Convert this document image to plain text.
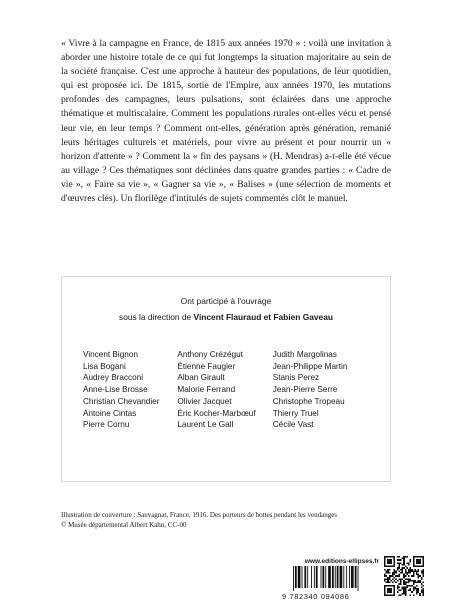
« Vivre à la campagne en France, de 1815 aux années 1970 » : voilà une invitation à aborder une histoire totale de ce qui fut longtemps la situation majoritaire au sein de la société française. C'est une approche à hauteur des populations, de leur quotidien, qui est proposée ici. De 1815, sortie de l'Empire, aux années 1970, les mutations profondes des campagnes, leurs pulsations, sont éclairées dans une approche thématique et multiscalaire. Comment les populations rurales ont-elles vécu et pensé leur vie, en leur temps ? Comment ont-elles, génération après génération, remanié leurs héritages culturels et matériels, pour vivre au présent et pour nourrir un « horizon d'attente » ? Comment la « fin des paysans » (H. Mendras) a-t-elle été vécue au village ? Ces thématiques sont déclinées dans quatre grandes parties : « Cadre de vie », « Faire sa vie », « Gagner sa vie », « Balises » (une sélection de moments et d'œuvres clés). Un florilège d'intitulés de sujets commentés clôt le manuel.

Ont participé à l'ouvrage
sous la direction de Vincent Flauraud et Fabien Gaveau
Vincent Bignon
Lisa Bogani
Audrey Bracconi
Anne-Lise Brosse
Christian Chevandier
Antoine Cintas
Pierre Cornu
Anthony Crézégut
Étienne Faugier
Alban Girault
Malorie Ferrand
Olivier Jacquet
Éric Kocher-Marbœuf
Laurent Le Gall
Judith Margolinas
Jean-Philippe Martin
Stanis Perez
Jean-Pierre Serre
Christophe Tropeau
Thierry Truel
Cécile Vast

Illustration de couverture : Sauvagnat, France, 1916. Des porteurs de hottes pendant les vendanges
© Musée départemental Albert Kahn, CC-00

www.editions-ellipses.fr
9 782340 094086
